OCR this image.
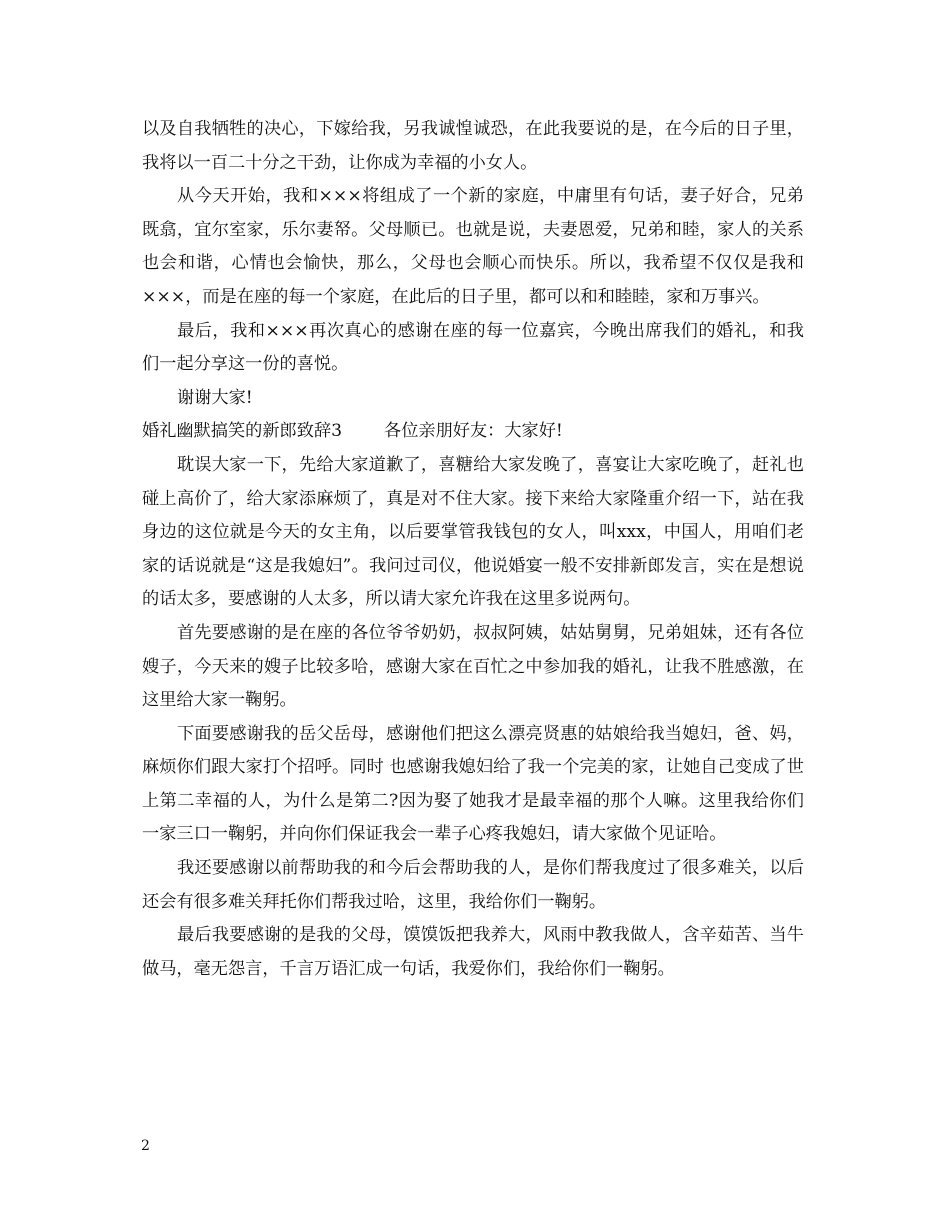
以及自我牺牲的决心，下嫁给我，另我诚惶诚恐，在此我要说的是，在今后的日子里，我将以一百二十分之干劲，让你成为幸福的小女人。

从今天开始，我和×××将组成了一个新的家庭，中庸里有句话，妻子好合，兄弟既翕，宜尔室家，乐尔妻帑。父母顺已。也就是说，夫妻恩爱，兄弟和睦，家人的关系也会和谐，心情也会愉快，那么，父母也会顺心而快乐。所以，我希望不仅仅是我和×××，而是在座的每一个家庭，在此后的日子里，都可以和和睦睦，家和万事兴。

最后，我和×××再次真心的感谢在座的每一位嘉宾，今晚出席我们的婚礼，和我们一起分享这一份的喜悦。

谢谢大家!

婚礼幽默搞笑的新郎致辞3 各位亲朋好友：大家好!

耽误大家一下，先给大家道歉了，喜糖给大家发晚了，喜宴让大家吃晚了，赶礼也碰上高价了，给大家添麻烦了，真是对不住大家。接下来给大家隆重介绍一下，站在我身边的这位就是今天的女主角，以后要掌管我钱包的女人，叫xxx，中国人，用咱们老家的话说就是“这是我媳妇”。我问过司仪，他说婚宴一般不安排新郎发言，实在是想说的话太多，要感谢的人太多，所以请大家允许我在这里多说两句。

首先要感谢的是在座的各位爷爷奶奶，叔叔阿姨，姑姑舅舅，兄弟姐妹，还有各位嫂子，今天来的嫂子比较多哈，感谢大家在百忙之中参加我的婚礼，让我不胜感激，在这里给大家一鞠躬。

下面要感谢我的岳父岳母，感谢他们把这么漂亮贤惠的姑娘给我当媳妇，爸、妈，麻烦你们跟大家打个招呼。同时 也感谢我媳妇给了我一个完美的家，让她自己变成了世上第二幸福的人，为什么是第二?因为娶了她我才是最幸福的那个人嘛。这里我给你们一家三口一鞠躬，并向你们保证我会一辈子心疼我媳妇，请大家做个见证哈。

我还要感谢以前帮助我的和今后会帮助我的人，是你们帮我度过了很多难关，以后还会有很多难关拜托你们帮我过哈，这里，我给你们一鞠躬。

最后我要感谢的是我的父母，馍馍饭把我养大，风雨中教我做人，含辛茹苦、当牛做马，毫无怨言，千言万语汇成一句话，我爱你们，我给你们一鞠躬。

2
